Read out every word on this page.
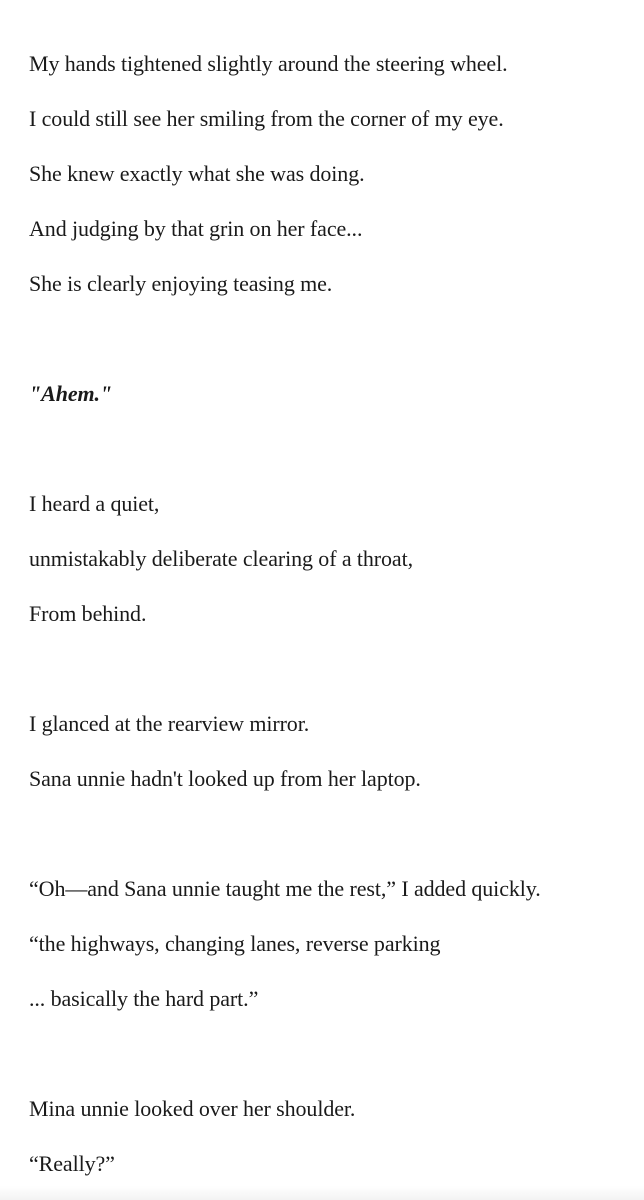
My hands tightened slightly around the steering wheel.

I could still see her smiling from the corner of my eye.

She knew exactly what she was doing.

And judging by that grin on her face...

She is clearly enjoying teasing me.

"Ahem."

I heard a quiet,

unmistakably deliberate clearing of a throat,

From behind.

I glanced at the rearview mirror.

Sana unnie hadn't looked up from her laptop.

“Oh—and Sana unnie taught me the rest,” I added quickly.

“the highways, changing lanes, reverse parking

... basically the hard part.”

Mina unnie looked over her shoulder.

“Really?”
